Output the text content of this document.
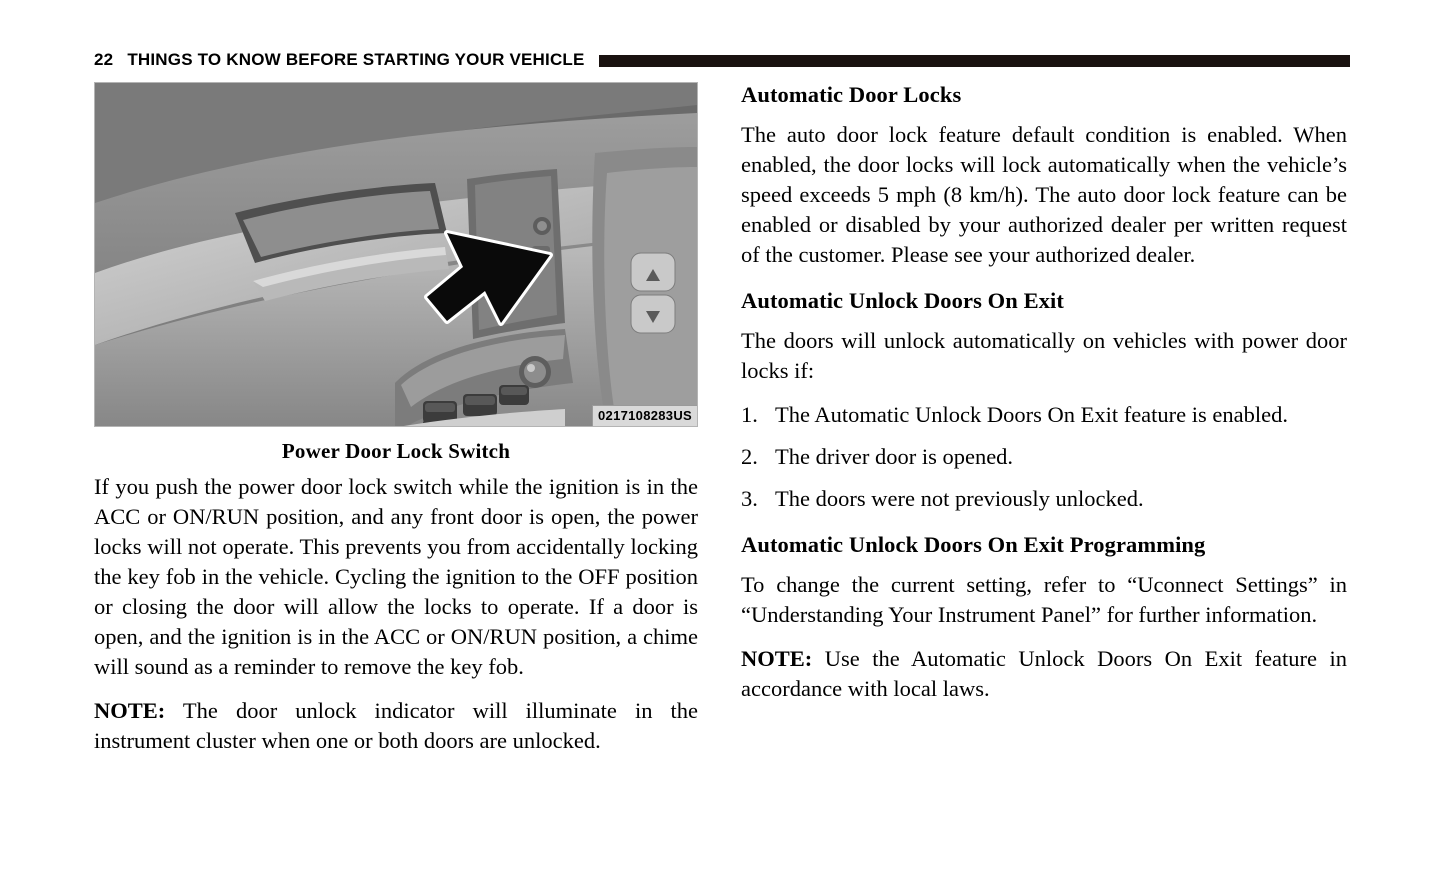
22 THINGS TO KNOW BEFORE STARTING YOUR VEHICLE
0217108283US
Power Door Lock Switch

If you push the power door lock switch while the ignition is in the ACC or ON/RUN position, and any front door is open, the power locks will not operate. This prevents you from accidentally locking the key fob in the vehicle. Cycling the ignition to the OFF position or closing the door will allow the locks to operate. If a door is open, and the ignition is in the ACC or ON/RUN position, a chime will sound as a reminder to remove the key fob.

NOTE: The door unlock indicator will illuminate in the instrument cluster when one or both doors are unlocked.

Automatic Door Locks

The auto door lock feature default condition is enabled. When enabled, the door locks will lock automatically when the vehicle’s speed exceeds 5 mph (8 km/h). The auto door lock feature can be enabled or disabled by your authorized dealer per written request of the customer. Please see your authorized dealer.

Automatic Unlock Doors On Exit

The doors will unlock automatically on vehicles with power door locks if:

1. The Automatic Unlock Doors On Exit feature is enabled.
2. The driver door is opened.
3. The doors were not previously unlocked.
Automatic Unlock Doors On Exit Programming

To change the current setting, refer to “Uconnect Settings” in “Understanding Your Instrument Panel” for further information.

NOTE: Use the Automatic Unlock Doors On Exit feature in accordance with local laws.
